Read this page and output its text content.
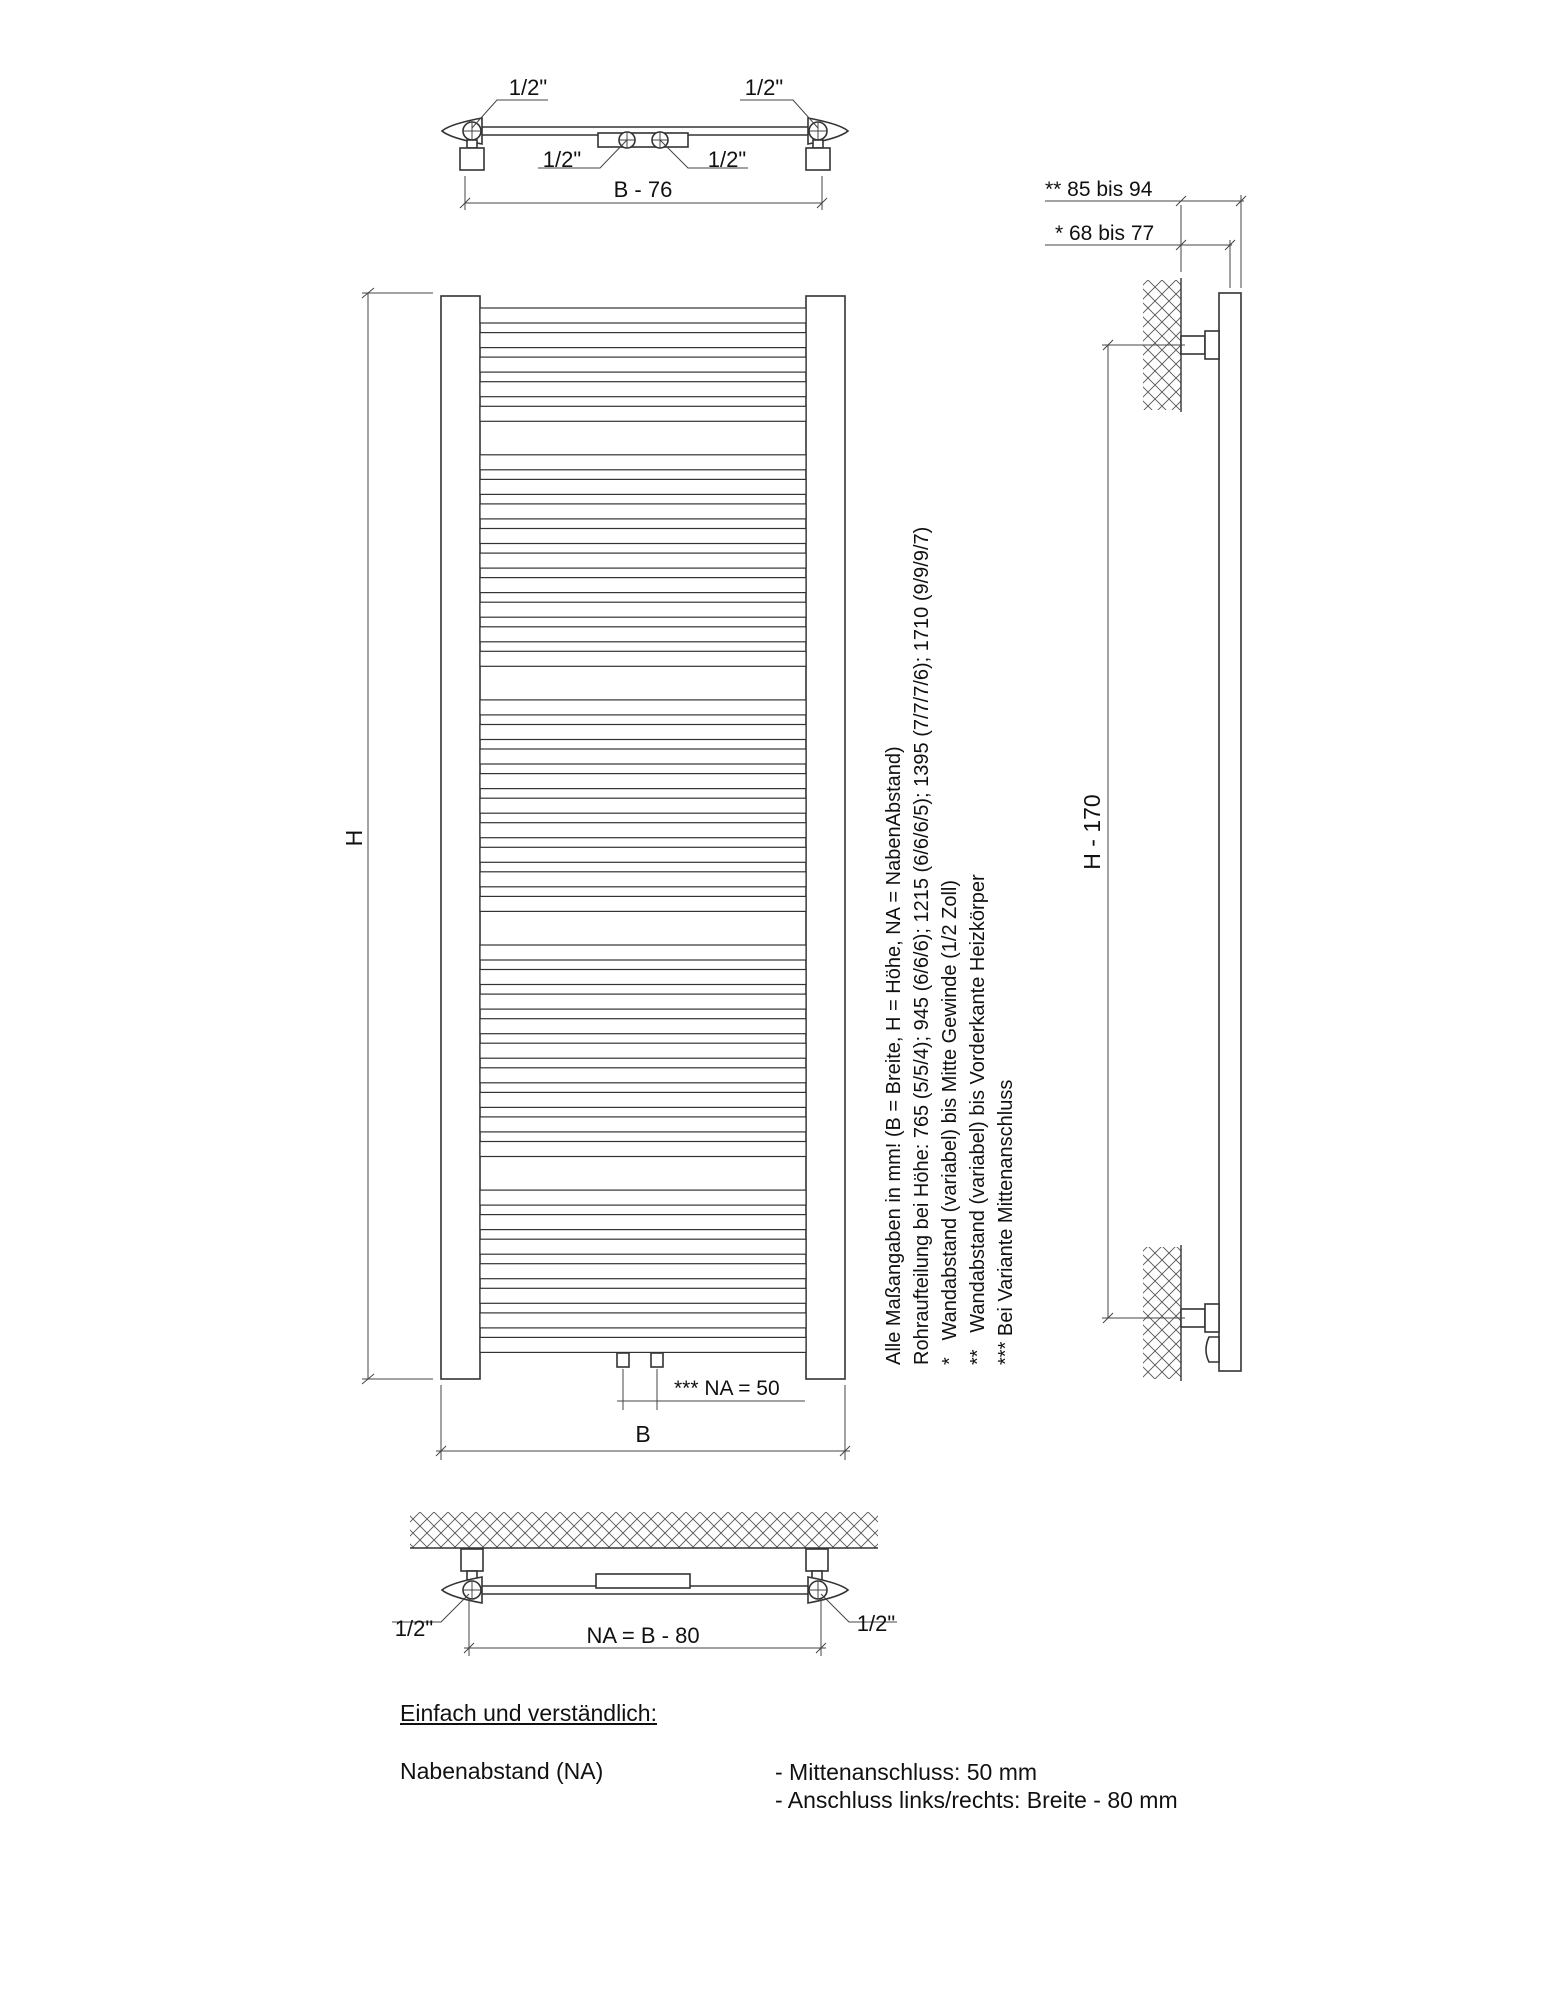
1/2"	1/2"
1/2"	1/2"
B - 76
H
*** NA = 50
B
Alle Maßangaben in mm! (B = Breite, H = Höhe, NA = NabenAbstand) Rohraufteilung bei Höhe: 765 (5/5/4); 945 (6/6/6); 1215 (6/6/6/5); 1395 (7/7/7/6); 1710 (9/9/9/7) *   Wandabstand (variabel) bis Mitte Gewinde (1/2 Zoll) **   Wandabstand (variabel) bis Vorderkante Heizkörper *** Bei Variante Mittenanschluss
** 85 bis 94
* 68 bis 77
H - 170
1/2"	1/2"
NA = B - 80
Einfach und verständlich:
Nabenabstand (NA)	- Mittenanschluss: 50 mm
- Anschluss links/rechts: Breite - 80 mm
